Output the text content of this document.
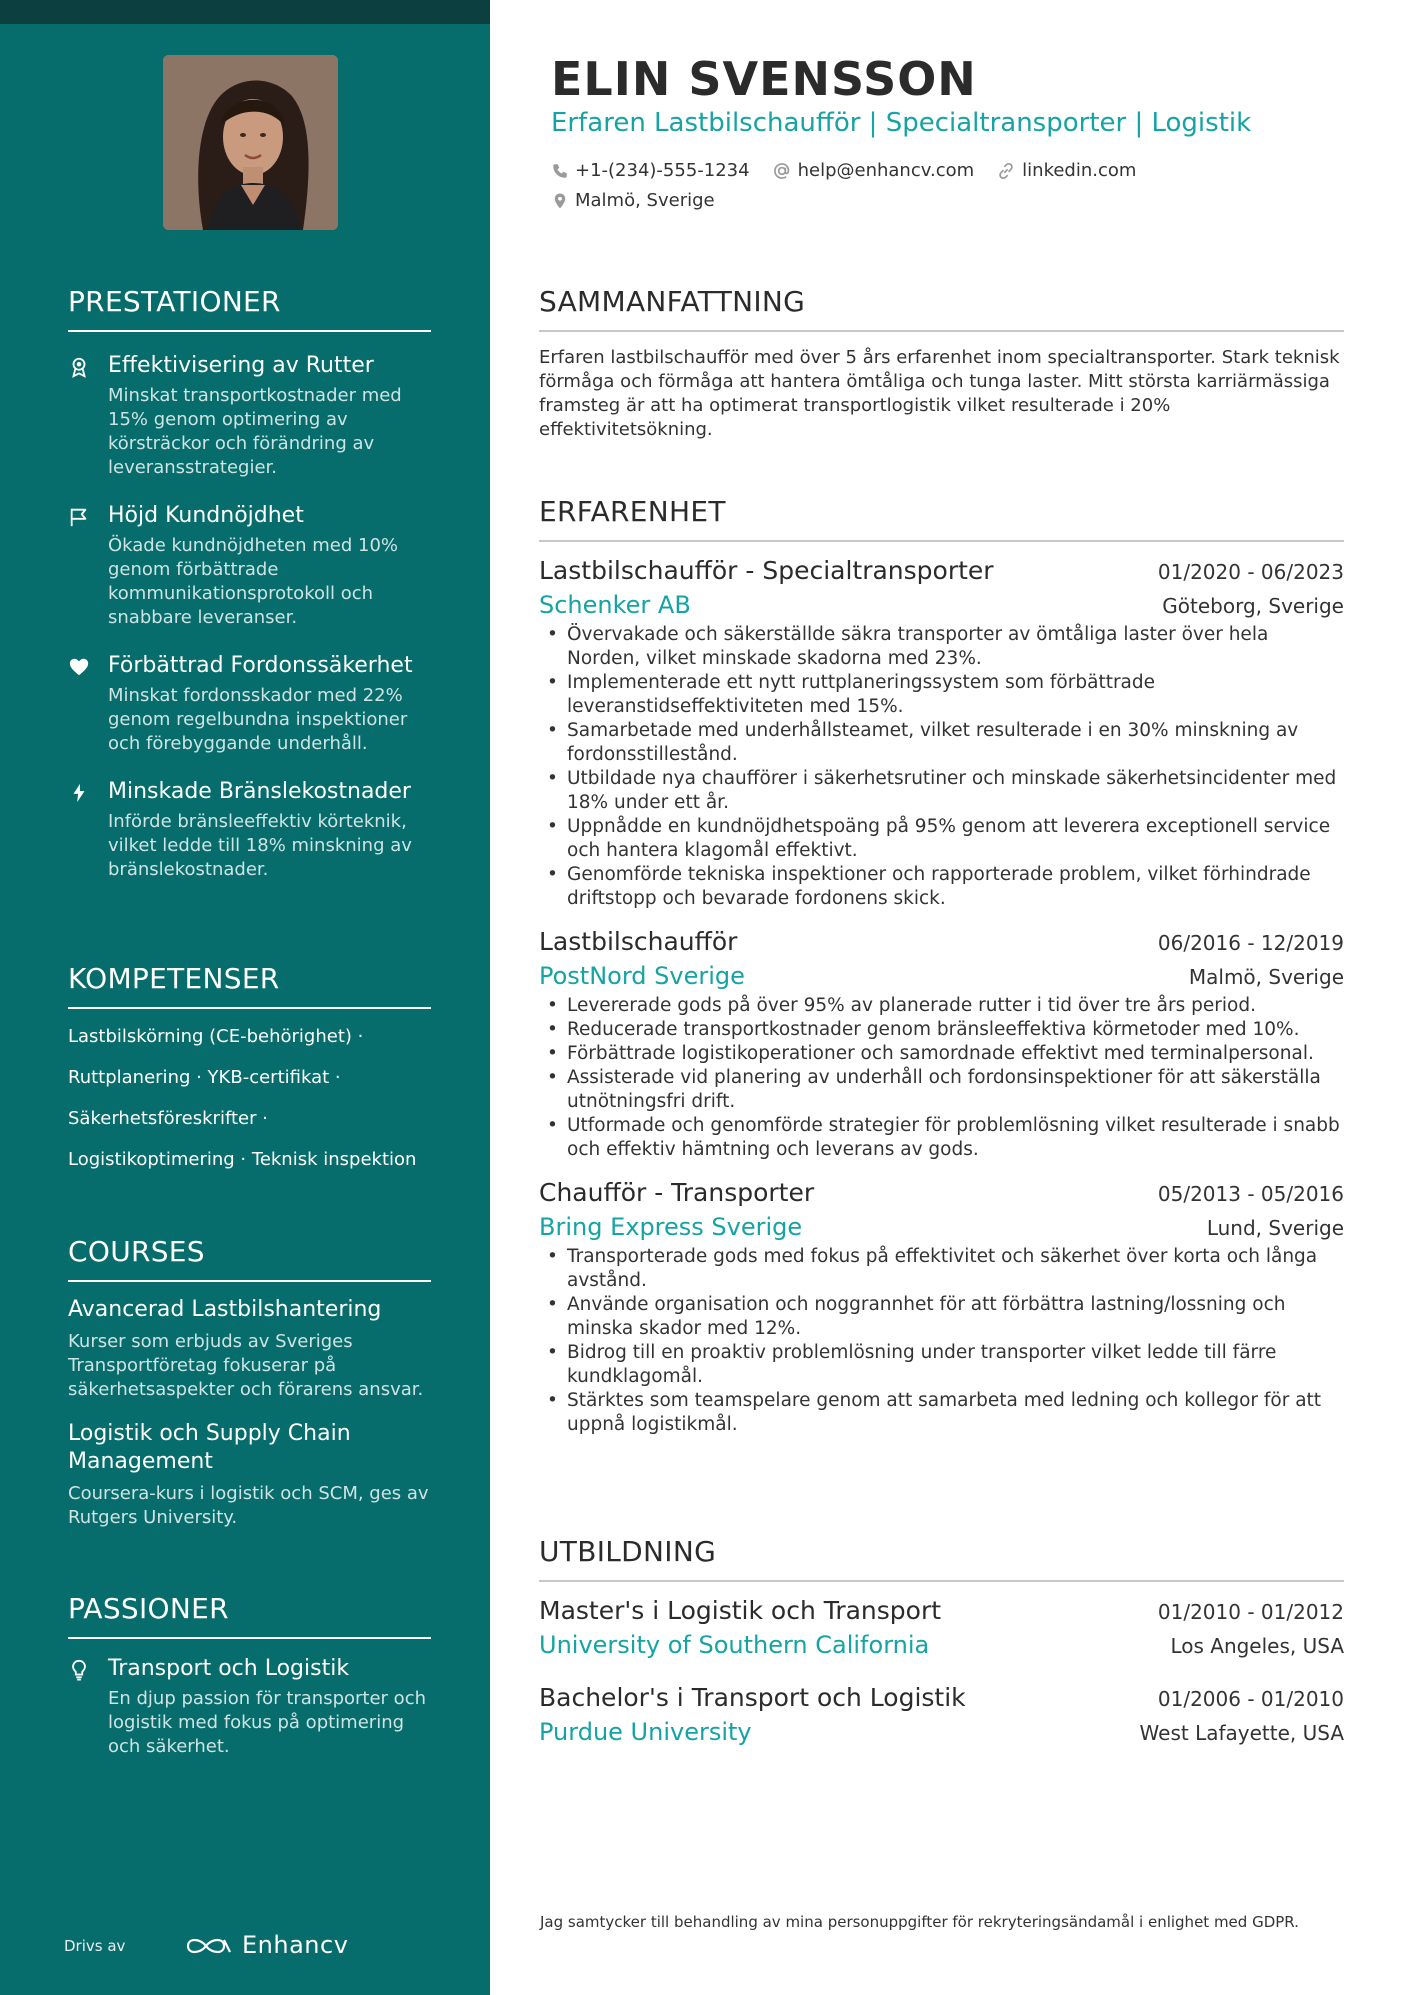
PRESTATIONER
Effektivisering av Rutter
Minskat transportkostnader med 15% genom optimering av körsträckor och förändring av leveransstrategier.
Höjd Kundnöjdhet
Ökade kundnöjdheten med 10% genom förbättrade kommunikationsprotokoll och snabbare leveranser.
Förbättrad Fordonssäkerhet
Minskat fordonsskador med 22% genom regelbundna inspektioner och förebyggande underhåll.
Minskade Bränslekostnader
Införde bränsleeffektiv körteknik, vilket ledde till 18% minskning av bränslekostnader.
KOMPETENSER
Lastbilskörning (CE-behörighet) ·
Ruttplanering · YKB-certifikat ·
Säkerhetsföreskrifter ·
Logistikoptimering · Teknisk inspektion
COURSES
Avancerad Lastbilshantering
Kurser som erbjuds av Sveriges Transportföretag fokuserar på säkerhetsaspekter och förarens ansvar.
Logistik och Supply Chain Management
Coursera-kurs i logistik och SCM, ges av Rutgers University.
PASSIONER
Transport och Logistik
En djup passion för transporter och logistik med fokus på optimering och säkerhet.
Drivs av	Enhancv
ELIN SVENSSON
Erfaren Lastbilschaufför | Specialtransporter | Logistik
+1-(234)-555-1234	help@enhancv.com	linkedin.com
Malmö, Sverige
SAMMANFATTNING
Erfaren lastbilschaufför med över 5 års erfarenhet inom specialtransporter. Stark teknisk förmåga och förmåga att hantera ömtåliga och tunga laster. Mitt största karriärmässiga framsteg är att ha optimerat transportlogistik vilket resulterade i 20% effektivitetsökning.
ERFARENHET
Lastbilschaufför - Specialtransporter	01/2020 - 06/2023
Schenker AB	Göteborg, Sverige
• Övervakade och säkerställde säkra transporter av ömtåliga laster över hela Norden, vilket minskade skadorna med 23%.
• Implementerade ett nytt ruttplaneringssystem som förbättrade leveranstidseffektiviteten med 15%.
• Samarbetade med underhållsteamet, vilket resulterade i en 30% minskning av fordonsstillestånd.
• Utbildade nya chaufförer i säkerhetsrutiner och minskade säkerhetsincidenter med 18% under ett år.
• Uppnådde en kundnöjdhetspoäng på 95% genom att leverera exceptionell service och hantera klagomål effektivt.
• Genomförde tekniska inspektioner och rapporterade problem, vilket förhindrade driftstopp och bevarade fordonens skick.
Lastbilschaufför	06/2016 - 12/2019
PostNord Sverige	Malmö, Sverige
• Levererade gods på över 95% av planerade rutter i tid över tre års period.
• Reducerade transportkostnader genom bränsleeffektiva körmetoder med 10%.
• Förbättrade logistikoperationer och samordnade effektivt med terminalpersonal.
• Assisterade vid planering av underhåll och fordonsinspektioner för att säkerställa utnötningsfri drift.
• Utformade och genomförde strategier för problemlösning vilket resulterade i snabb och effektiv hämtning och leverans av gods.
Chaufför - Transporter	05/2013 - 05/2016
Bring Express Sverige	Lund, Sverige
• Transporterade gods med fokus på effektivitet och säkerhet över korta och långa avstånd.
• Använde organisation och noggrannhet för att förbättra lastning/lossning och minska skador med 12%.
• Bidrog till en proaktiv problemlösning under transporter vilket ledde till färre kundklagomål.
• Stärktes som teamspelare genom att samarbeta med ledning och kollegor för att uppnå logistikmål.
UTBILDNING
Master's i Logistik och Transport	01/2010 - 01/2012
University of Southern California	Los Angeles, USA
Bachelor's i Transport och Logistik	01/2006 - 01/2010
Purdue University	West Lafayette, USA
Jag samtycker till behandling av mina personuppgifter för rekryteringsändamål i enlighet med GDPR.
